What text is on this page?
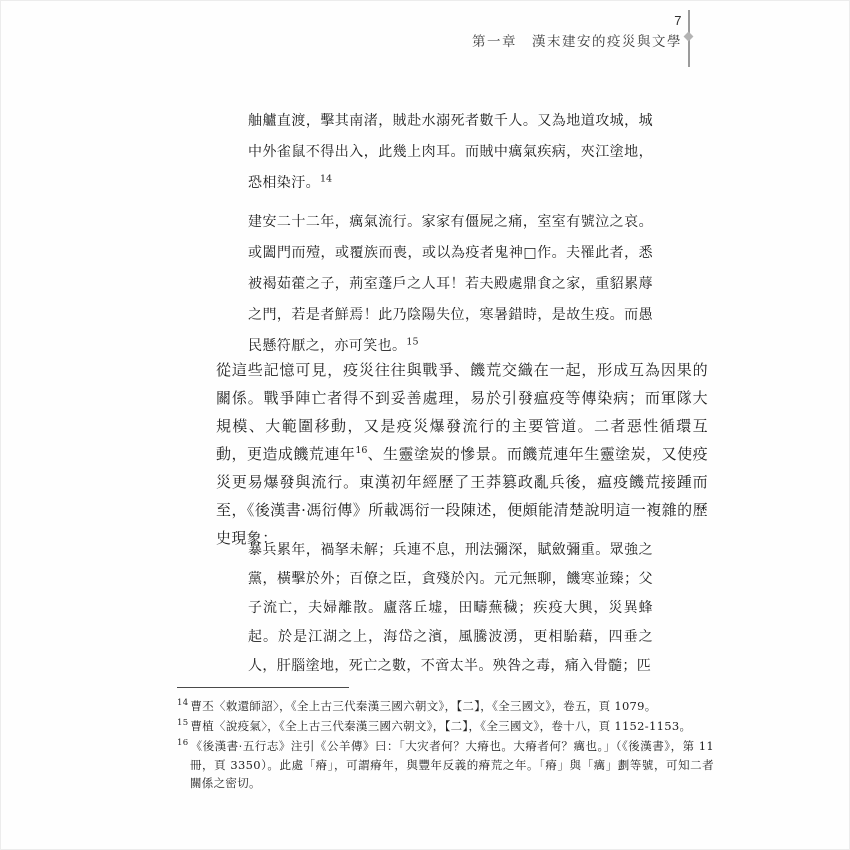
7
第一章　漢末建安的疫災與文學
舳艫直渡，擊其南渚，賊赴水溺死者數千人。又為地道攻城，城中外雀鼠不得出入，此幾上肉耳。而賊中癘氣疾病，夾江塗地，恐相染汙。$^{14}$
建安二十二年，癘氣流行。家家有僵屍之痛，室室有號泣之哀。或闔門而殪，或覆族而喪，或以為疫者鬼神□作。夫罹此者，悉被褐茹藿之子，荊室蓬戶之人耳！若夫殿處鼎食之家，重貂累蓐之門，若是者鮮焉！此乃陰陽失位，寒暑錯時，是故生疫。而愚民懸符厭之，亦可笑也。$^{15}$

從這些記憶可見，疫災往往與戰爭、饑荒交織在一起，形成互為因果的關係。戰爭陣亡者得不到妥善處理，易於引發瘟疫等傳染病；而軍隊大規模、大範圍移動，又是疫災爆發流行的主要管道。二者惡性循環互動，更造成饑荒連年$^{16}$、生靈塗炭的慘景。而饑荒連年生靈塗炭，又使疫災更易爆發與流行。東漢初年經歷了王莽篡政亂兵後，瘟疫饑荒接踵而至，《後漢書·馮衍傳》所載馮衍一段陳述，便頗能清楚說明這一複雜的歷史現象：

暴兵累年，禍拏未解；兵連不息，刑法彌深，賦斂彌重。眾強之黨，橫擊於外；百僚之臣，貪殘於內。元元無聊，饑寒並臻；父子流亡，夫婦離散。廬落丘墟，田疇蕪穢；疾疫大興，災異蜂起。於是江湖之上，海岱之濱，風騰波湧，更相駘藉，四垂之人，肝腦塗地，死亡之數，不啻太半。殃咎之毒，痛入骨髓；匹

$^{14}$ 曹丕〈敕還師詔〉，《全上古三代秦漢三國六朝文》，【二】，《全三國文》，卷五，頁 1079。

$^{15}$ 曹植〈說疫氣〉，《全上古三代秦漢三國六朝文》，【二】，《全三國文》，卷十八，頁 1152-1153。

$^{16}$ 《後漢書·五行志》注引《公羊傳》曰：「大灾者何？大瘠也。大瘠者何？癘也。」（《後漢書》，第 11 冊，頁 3350）。此處「瘠」，可謂瘠年，與豐年反義的瘠荒之年。「瘠」與「癘」劃等號，可知二者關係之密切。
